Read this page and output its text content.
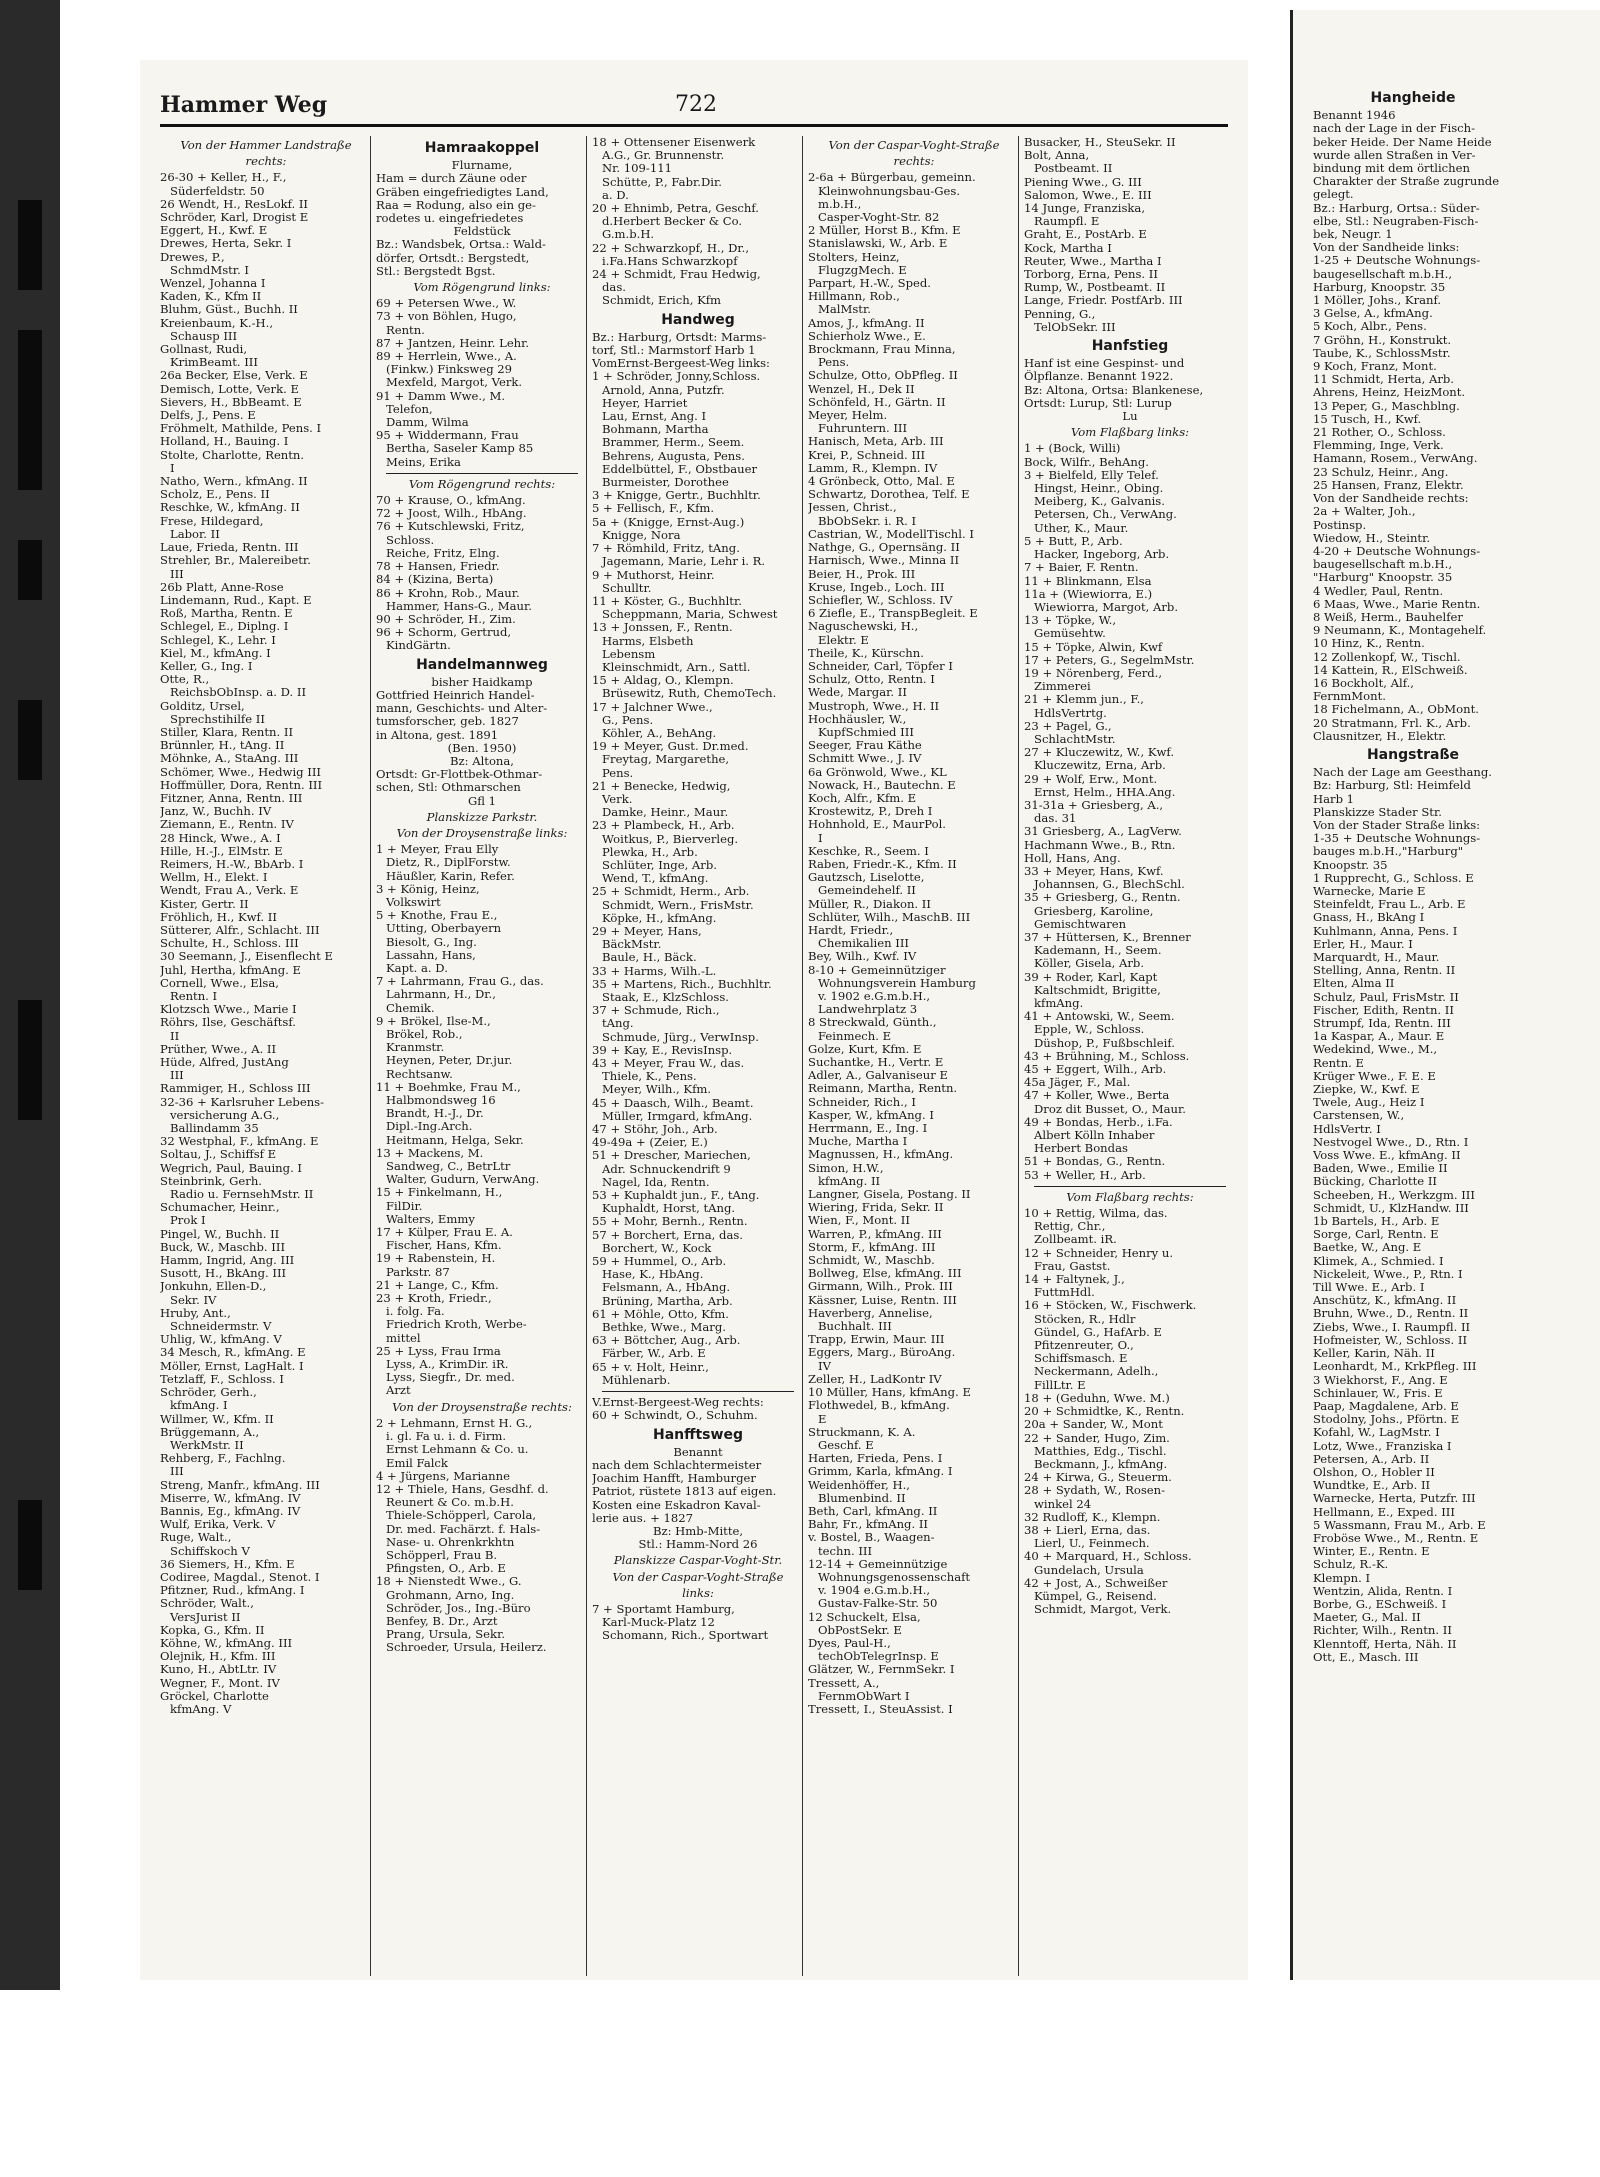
Hammer Weg	722
Von der Hammer Landstraße
rechts:
26-30 + Keller, H., F.,
Süderfeldstr. 50
26 Wendt, H., ResLokf. II
Schröder, Karl, Drogist E
Eggert, H., Kwf. E
Drewes, Herta, Sekr. I
Drewes, P.,
SchmdMstr. I
Wenzel, Johanna I
Kaden, K., Kfm II
Bluhm, Güst., Buchh. II
Kreienbaum, K.-H.,
Schausp III
Gollnast, Rudi,
KrimBeamt. III
26a Becker, Else, Verk. E
Demisch, Lotte, Verk. E
Sievers, H., BbBeamt. E
Delfs, J., Pens. E
Fröhmelt, Mathilde, Pens. I
Holland, H., Bauing. I
Stolte, Charlotte, Rentn.
I
Natho, Wern., kfmAng. II
Scholz, E., Pens. II
Reschke, W., kfmAng. II
Frese, Hildegard,
Labor. II
Laue, Frieda, Rentn. III
Strehler, Br., Malereibetr.
III
26b Platt, Anne-Rose
Lindemann, Rud., Kapt. E
Roß, Martha, Rentn. E
Schlegel, E., Diplng. I
Schlegel, K., Lehr. I
Kiel, M., kfmAng. I
Keller, G., Ing. I
Otte, R.,
ReichsbObInsp. a. D. II
Golditz, Ursel,
Sprechstihilfe II
Stiller, Klara, Rentn. II
Brünnler, H., tAng. II
Möhnke, A., StaAng. III
Schömer, Wwe., Hedwig III
Hoffmüller, Dora, Rentn. III
Fitzner, Anna, Rentn. III
Janz, W., Buchh. IV
Ziemann, E., Rentn. IV
28 Hinck, Wwe., A. I
Hille, H.-J., ElMstr. E
Reimers, H.-W., BbArb. I
Wellm, H., Elekt. I
Wendt, Frau A., Verk. E
Kister, Gertr. II
Fröhlich, H., Kwf. II
Sütterer, Alfr., Schlacht. III
Schulte, H., Schloss. III
30 Seemann, J., Eisenflecht E
Juhl, Hertha, kfmAng. E
Cornell, Wwe., Elsa,
Rentn. I
Klotzsch Wwe., Marie I
Röhrs, Ilse, Geschäftsf.
II
Prüther, Wwe., A. II
Hüde, Alfred, JustAng
III
Rammiger, H., Schloss III
32-36 + Karlsruher Lebens-
versicherung A.G.,
Ballindamm 35
32 Westphal, F., kfmAng. E
Soltau, J., Schiffsf E
Wegrich, Paul, Bauing. I
Steinbrink, Gerh.
Radio u. FernsehMstr. II
Schumacher, Heinr.,
Prok I
Pingel, W., Buchh. II
Buck, W., Maschb. III
Hamm, Ingrid, Ang. III
Susott, H., BkAng. III
Jonkuhn, Ellen-D.,
Sekr. IV
Hruby, Ant.,
Schneidermstr. V
Uhlig, W., kfmAng. V
34 Mesch, R., kfmAng. E
Möller, Ernst, LagHalt. I
Tetzlaff, F., Schloss. I
Schröder, Gerh.,
kfmAng. I
Willmer, W., Kfm. II
Brüggemann, A.,
WerkMstr. II
Rehberg, F., Fachlng.
III
Streng, Manfr., kfmAng. III
Miserre, W., kfmAng. IV
Bannis, Eg., kfmAng. IV
Wulf, Erika, Verk. V
Ruge, Walt.,
Schiffskoch V
36 Siemers, H., Kfm. E
Codiree, Magdal., Stenot. I
Pfitzner, Rud., kfmAng. I
Schröder, Walt.,
VersJurist II
Kopka, G., Kfm. II
Köhne, W., kfmAng. III
Olejnik, H., Kfm. III
Kuno, H., AbtLtr. IV
Wegner, F., Mont. IV
Gröckel, Charlotte
kfmAng. V
Hamraakoppel
Flurname,
Ham = durch Zäune oder
Gräben eingefriedigtes Land,
Raa = Rodung, also ein ge-
rodetes u. eingefriedetes
Feldstück
Bz.: Wandsbek, Ortsa.: Wald-
dörfer, Ortsdt.: Bergstedt,
Stl.: Bergstedt Bgst.
Vom Rögengrund links:
69 + Petersen Wwe., W.
73 + von Böhlen, Hugo,
Rentn.
87 + Jantzen, Heinr. Lehr.
89 + Herrlein, Wwe., A.
(Finkw.) Finksweg 29
Mexfeld, Margot, Verk.
91 + Damm Wwe., M.
Telefon,
Damm, Wilma
95 + Widdermann, Frau
Bertha, Saseler Kamp 85
Meins, Erika
Vom Rögengrund rechts:
70 + Krause, O., kfmAng.
72 + Joost, Wilh., HbAng.
76 + Kutschlewski, Fritz,
Schloss.
Reiche, Fritz, Elng.
78 + Hansen, Friedr.
84 + (Kizina, Berta)
86 + Krohn, Rob., Maur.
Hammer, Hans-G., Maur.
90 + Schröder, H., Zim.
96 + Schorm, Gertrud,
KindGärtn.
Handelmannweg
bisher Haidkamp
Gottfried Heinrich Handel-
mann, Geschichts- und Alter-
tumsforscher, geb. 1827
in Altona, gest. 1891
(Ben. 1950)
Bz: Altona,
Ortsdt: Gr-Flottbek-Othmar-
schen, Stl: Othmarschen
Gfl 1
Planskizze Parkstr.
Von der Droysenstraße links:
1 + Meyer, Frau Elly
Dietz, R., DiplForstw.
Häußler, Karin, Refer.
3 + König, Heinz,
Volkswirt
5 + Knothe, Frau E.,
Utting, Oberbayern
Biesolt, G., Ing.
Lassahn, Hans,
Kapt. a. D.
7 + Lahrmann, Frau G., das.
Lahrmann, H., Dr.,
Chemik.
9 + Brökel, Ilse-M.,
Brökel, Rob.,
Kranmstr.
Heynen, Peter, Dr.jur.
Rechtsanw.
11 + Boehmke, Frau M.,
Halbmondsweg 16
Brandt, H.-J., Dr.
Dipl.-Ing.Arch.
Heitmann, Helga, Sekr.
13 + Mackens, M.
Sandweg, C., BetrLtr
Walter, Gudurn, VerwAng.
15 + Finkelmann, H.,
FilDir.
Walters, Emmy
17 + Külper, Frau E. A.
Fischer, Hans, Kfm.
19 + Rabenstein, H.
Parkstr. 87
21 + Lange, C., Kfm.
23 + Kroth, Friedr.,
i. folg. Fa.
Friedrich Kroth, Werbe-
mittel
25 + Lyss, Frau Irma
Lyss, A., KrimDir. iR.
Lyss, Siegfr., Dr. med.
Arzt
Von der Droysenstraße rechts:
2 + Lehmann, Ernst H. G.,
i. gl. Fa u. i. d. Firm.
Ernst Lehmann & Co. u.
Emil Falck
4 + Jürgens, Marianne
12 + Thiele, Hans, Gesdhf. d.
Reunert & Co. m.b.H.
Thiele-Schöpperl, Carola,
Dr. med. Fachärzt. f. Hals-
Nase- u. Ohrenkrkhtn
Schöpperl, Frau B.
Pfingsten, O., Arb. E
18 + Nienstedt Wwe., G.
Grohmann, Arno, Ing.
Schröder, Jos., Ing.-Büro
Benfey, B. Dr., Arzt
Prang, Ursula, Sekr.
Schroeder, Ursula, Heilerz.
18 + Ottensener Eisenwerk
A.G., Gr. Brunnenstr.
Nr. 109-111
Schütte, P., Fabr.Dir.
a. D.
20 + Ehnimb, Petra, Geschf.
d.Herbert Becker & Co.
G.m.b.H.
22 + Schwarzkopf, H., Dr.,
i.Fa.Hans Schwarzkopf
24 + Schmidt, Frau Hedwig,
das.
Schmidt, Erich, Kfm
Handweg
Bz.: Harburg, Ortsdt: Marms-
torf, Stl.: Marmstorf Harb 1
VomErnst-Bergeest-Weg links:
1 + Schröder, Jonny,Schloss.
Arnold, Anna, Putzfr.
Heyer, Harriet
Lau, Ernst, Ang. I
Bohmann, Martha
Brammer, Herm., Seem.
Behrens, Augusta, Pens.
Eddelbüttel, F., Obstbauer
Burmeister, Dorothee
3 + Knigge, Gertr., Buchhltr.
5 + Fellisch, F., Kfm.
5a + (Knigge, Ernst-Aug.)
Knigge, Nora
7 + Römhild, Fritz, tAng.
Jagemann, Marie, Lehr i. R.
9 + Muthorst, Heinr.
Schulltr.
11 + Köster, G., Buchhltr.
Scheppmann, Maria, Schwest
13 + Jonssen, F., Rentn.
Harms, Elsbeth
Lebensm
Kleinschmidt, Arn., Sattl.
15 + Aldag, O., Klempn.
Brüsewitz, Ruth, ChemoTech.
17 + Jalchner Wwe.,
G., Pens.
Köhler, A., BehAng.
19 + Meyer, Gust. Dr.med.
Freytag, Margarethe,
Pens.
21 + Benecke, Hedwig,
Verk.
Damke, Heinr., Maur.
23 + Plambeck, H., Arb.
Woitkus, P., Bierverleg.
Plewka, H., Arb.
Schlüter, Inge, Arb.
Wend, T., kfmAng.
25 + Schmidt, Herm., Arb.
Schmidt, Wern., FrisMstr.
Köpke, H., kfmAng.
29 + Meyer, Hans,
BäckMstr.
Baule, H., Bäck.
33 + Harms, Wilh.-L.
35 + Martens, Rich., Buchhltr.
Staak, E., KlzSchloss.
37 + Schmude, Rich.,
tAng.
Schmude, Jürg., VerwInsp.
39 + Kay, E., RevisInsp.
43 + Meyer, Frau W., das.
Thiele, K., Pens.
Meyer, Wilh., Kfm.
45 + Daasch, Wilh., Beamt.
Müller, Irmgard, kfmAng.
47 + Stöhr, Joh., Arb.
49-49a + (Zeier, E.)
51 + Drescher, Mariechen,
Adr. Schnuckendrift 9
Nagel, Ida, Rentn.
53 + Kuphaldt jun., F., tAng.
Kuphaldt, Horst, tAng.
55 + Mohr, Bernh., Rentn.
57 + Borchert, Erna, das.
Borchert, W., Kock
59 + Hummel, O., Arb.
Hase, K., HbAng.
Felsmann, A., HbAng.
Brüning, Martha, Arb.
61 + Möhle, Otto, Kfm.
Bethke, Wwe., Marg.
63 + Böttcher, Aug., Arb.
Färber, W., Arb. E
65 + v. Holt, Heinr.,
Mühlenarb.
V.Ernst-Bergeest-Weg rechts:
60 + Schwindt, O., Schuhm.
Hanfftsweg
Benannt
nach dem Schlachtermeister
Joachim Hanfft, Hamburger
Patriot, rüstete 1813 auf eigen.
Kosten eine Eskadron Kaval-
lerie aus. + 1827
Bz: Hmb-Mitte,
Stl.: Hamm-Nord 26
Planskizze Caspar-Voght-Str.
Von der Caspar-Voght-Straße
links:
7 + Sportamt Hamburg,
Karl-Muck-Platz 12
Schomann, Rich., Sportwart
Von der Caspar-Voght-Straße
rechts:
2-6a + Bürgerbau, gemeinn.
Kleinwohnungsbau-Ges.
m.b.H.,
Casper-Voght-Str. 82
2 Müller, Horst B., Kfm. E
Stanislawski, W., Arb. E
Stolters, Heinz,
FlugzgMech. E
Parpart, H.-W., Sped.
Hillmann, Rob.,
MalMstr.
Amos, J., kfmAng. II
Schierholz Wwe., E.
Brockmann, Frau Minna,
Pens.
Schulze, Otto, ObPfleg. II
Wenzel, H., Dek II
Schönfeld, H., Gärtn. II
Meyer, Helm.
Fuhruntern. III
Hanisch, Meta, Arb. III
Krei, P., Schneid. III
Lamm, R., Klempn. IV
4 Grönbeck, Otto, Mal. E
Schwartz, Dorothea, Telf. E
Jessen, Christ.,
BbObSekr. i. R. I
Castrian, W., ModellTischl. I
Nathge, G., Opernsäng. II
Harnisch, Wwe., Minna II
Beier, H., Prok. III
Kruse, Ingeb., Loch. III
Schiefler, W., Schloss. IV
6 Ziefle, E., TranspBegleit. E
Naguschewski, H.,
Elektr. E
Theile, K., Kürschn.
Schneider, Carl, Töpfer I
Schulz, Otto, Rentn. I
Wede, Margar. II
Mustroph, Wwe., H. II
Hochhäusler, W.,
KupfSchmied III
Seeger, Frau Käthe
Schmitt Wwe., J. IV
6a Grönwold, Wwe., KL
Nowack, H., Bautechn. E
Koch, Alfr., Kfm. E
Krostewitz, P., Dreh I
Hohnhold, E., MaurPol.
I
Keschke, R., Seem. I
Raben, Friedr.-K., Kfm. II
Gautzsch, Liselotte,
Gemeindehelf. II
Müller, R., Diakon. II
Schlüter, Wilh., MaschB. III
Hardt, Friedr.,
Chemikalien III
Bey, Wilh., Kwf. IV
8-10 + Gemeinnütziger
Wohnungsverein Hamburg
v. 1902 e.G.m.b.H.,
Landwehrplatz 3
8 Streckwald, Günth.,
Feinmech. E
Golze, Kurt, Kfm. E
Suchantke, H., Vertr. E
Adler, A., Galvaniseur E
Reimann, Martha, Rentn.
Schneider, Rich., I
Kasper, W., kfmAng. I
Herrmann, E., Ing. I
Muche, Martha I
Magnussen, H., kfmAng.
Simon, H.W.,
kfmAng. II
Langner, Gisela, Postang. II
Wiering, Frida, Sekr. II
Wien, F., Mont. II
Warren, P., kfmAng. III
Storm, F., kfmAng. III
Schmidt, W., Maschb.
Bollweg, Else, kfmAng. III
Girmann, Wilh., Prok. III
Kässner, Luise, Rentn. III
Haverberg, Annelise,
Buchhalt. III
Trapp, Erwin, Maur. III
Eggers, Marg., BüroAng.
IV
Zeller, H., LadKontr IV
10 Müller, Hans, kfmAng. E
Flothwedel, B., kfmAng.
E
Struckmann, K. A.
Geschf. E
Harten, Frieda, Pens. I
Grimm, Karla, kfmAng. I
Weidenhöffer, H.,
Blumenbind. II
Beth, Carl, kfmAng. II
Bahr, Fr., kfmAng. II
v. Bostel, B., Waagen-
techn. III
12-14 + Gemeinnützige
Wohnungsgenossenschaft
v. 1904 e.G.m.b.H.,
Gustav-Falke-Str. 50
12 Schuckelt, Elsa,
ObPostSekr. E
Dyes, Paul-H.,
techObTelegrInsp. E
Glätzer, W., FernmSekr. I
Tressett, A.,
FernmObWart I
Tressett, I., SteuAssist. I
Busacker, H., SteuSekr. II
Bolt, Anna,
Postbeamt. II
Piening Wwe., G. III
Salomon, Wwe., E. III
14 Junge, Franziska,
Raumpfl. E
Graht, E., PostArb. E
Kock, Martha I
Reuter, Wwe., Martha I
Torborg, Erna, Pens. II
Rump, W., Postbeamt. II
Lange, Friedr. PostfArb. III
Penning, G.,
TelObSekr. III
Hanfstieg
Hanf ist eine Gespinst- und
Ölpflanze. Benannt 1922.
Bz: Altona, Ortsa: Blankenese,
Ortsdt: Lurup, Stl: Lurup
Lu
Vom Flaßbarg links:
1 + (Bock, Willi)
Bock, Wilfr., BehAng.
3 + Bielfeld, Elly Telef.
Hingst, Heinr., Obing.
Meiberg, K., Galvanis.
Petersen, Ch., VerwAng.
Uther, K., Maur.
5 + Butt, P., Arb.
Hacker, Ingeborg, Arb.
7 + Baier, F. Rentn.
11 + Blinkmann, Elsa
11a + (Wiewiorra, E.)
Wiewiorra, Margot, Arb.
13 + Töpke, W.,
Gemüsehtw.
15 + Töpke, Alwin, Kwf
17 + Peters, G., SegelmMstr.
19 + Nörenberg, Ferd.,
Zimmerei
21 + Klemm jun., F.,
HdlsVertrtg.
23 + Pagel, G.,
SchlachtMstr.
27 + Kluczewitz, W., Kwf.
Kluczewitz, Erna, Arb.
29 + Wolf, Erw., Mont.
Ernst, Helm., HHA.Ang.
31-31a + Griesberg, A.,
das. 31
31 Griesberg, A., LagVerw.
Hachmann Wwe., B., Rtn.
Holl, Hans, Ang.
33 + Meyer, Hans, Kwf.
Johannsen, G., BlechSchl.
35 + Griesberg, G., Rentn.
Griesberg, Karoline,
Gemischtwaren
37 + Hüttersen, K., Brenner
Kademann, H., Seem.
Köller, Gisela, Arb.
39 + Roder, Karl, Kapt
Kaltschmidt, Brigitte,
kfmAng.
41 + Antowski, W., Seem.
Epple, W., Schloss.
Düshop, P., Fußbschleif.
43 + Brühning, M., Schloss.
45 + Eggert, Wilh., Arb.
45a Jäger, F., Mal.
47 + Koller, Wwe., Berta
Droz dit Busset, O., Maur.
49 + Bondas, Herb., i.Fa.
Albert Kölln Inhaber
Herbert Bondas
51 + Bondas, G., Rentn.
53 + Weller, H., Arb.
Vom Flaßbarg rechts:
10 + Rettig, Wilma, das.
Rettig, Chr.,
Zollbeamt. iR.
12 + Schneider, Henry u.
Frau, Gastst.
14 + Faltynek, J.,
FuttmHdl.
16 + Stöcken, W., Fischwerk.
Stöcken, R., Hdlr
Gündel, G., HafArb. E
Pfitzenreuter, O.,
Schiffsmasch. E
Neckermann, Adelh.,
FillLtr. E
18 + (Geduhn, Wwe. M.)
20 + Schmidtke, K., Rentn.
20a + Sander, W., Mont
22 + Sander, Hugo, Zim.
Matthies, Edg., Tischl.
Beckmann, J., kfmAng.
24 + Kirwa, G., Steuerm.
28 + Sydath, W., Rosen-
winkel 24
32 Rudloff, K., Klempn.
38 + Lierl, Erna, das.
Lierl, U., Feinmech.
40 + Marquard, H., Schloss.
Gundelach, Ursula
42 + Jost, A., Schweißer
Kümpel, G., Reisend.
Schmidt, Margot, Verk.
Hangheide
Benannt 1946
nach der Lage in der Fisch-
beker Heide. Der Name Heide
wurde allen Straßen in Ver-
bindung mit dem örtlichen
Charakter der Straße zugrunde
gelegt.
Bz.: Harburg, Ortsa.: Süder-
elbe, Stl.: Neugraben-Fisch-
bek, Neugr. 1
Von der Sandheide links:
1-25 + Deutsche Wohnungs-
baugesellschaft m.b.H.,
Harburg, Knoopstr. 35
1 Möller, Johs., Kranf.
3 Gelse, A., kfmAng.
5 Koch, Albr., Pens.
7 Gröhn, H., Konstrukt.
Taube, K., SchlossMstr.
9 Koch, Franz, Mont.
11 Schmidt, Herta, Arb.
Ahrens, Heinz, HeizMont.
13 Peper, G., Maschblng.
15 Tusch, H., Kwf.
21 Rother, O., Schloss.
Flemming, Inge, Verk.
Hamann, Rosem., VerwAng.
23 Schulz, Heinr., Ang.
25 Hansen, Franz, Elektr.
Von der Sandheide rechts:
2a + Walter, Joh.,
Postinsp.
Wiedow, H., Steintr.
4-20 + Deutsche Wohnungs-
baugesellschaft m.b.H.,
"Harburg" Knoopstr. 35
4 Wedler, Paul, Rentn.
6 Maas, Wwe., Marie Rentn.
8 Weiß, Herm., Bauhelfer
9 Neumann, K., Montagehelf.
10 Hinz, K., Rentn.
12 Zollenkopf, W., Tischl.
14 Kattein, R., ElSchweiß.
16 Bockholt, Alf.,
FernmMont.
18 Fichelmann, A., ObMont.
20 Stratmann, Frl. K., Arb.
Clausnitzer, H., Elektr.
Hangstraße
Nach der Lage am Geesthang.
Bz: Harburg, Stl: Heimfeld
Harb 1
Planskizze Stader Str.
Von der Stader Straße links:
1-35 + Deutsche Wohnungs-
bauges m.b.H.,"Harburg"
Knoopstr. 35
1 Rupprecht, G., Schloss. E
Warnecke, Marie E
Steinfeldt, Frau L., Arb. E
Gnass, H., BkAng I
Kuhlmann, Anna, Pens. I
Erler, H., Maur. I
Marquardt, H., Maur.
Stelling, Anna, Rentn. II
Elten, Alma II
Schulz, Paul, FrisMstr. II
Fischer, Edith, Rentn. II
Strumpf, Ida, Rentn. III
1a Kaspar, A., Maur. E
Wedekind, Wwe., M.,
Rentn. E
Krüger Wwe., F. E. E
Ziepke, W., Kwf. E
Twele, Aug., Heiz I
Carstensen, W.,
HdlsVertr. I
Nestvogel Wwe., D., Rtn. I
Voss Wwe. E., kfmAng. II
Baden, Wwe., Emilie II
Bücking, Charlotte II
Scheeben, H., Werkzgm. III
Schmidt, U., KlzHandw. III
1b Bartels, H., Arb. E
Sorge, Carl, Rentn. E
Baetke, W., Ang. E
Klimek, A., Schmied. I
Nickeleit, Wwe., P., Rtn. I
Till Wwe. E., Arb. I
Anschütz, K., kfmAng. II
Bruhn, Wwe., D., Rentn. II
Ziebs, Wwe., I. Raumpfl. II
Hofmeister, W., Schloss. II
Keller, Karin, Näh. II
Leonhardt, M., KrkPfleg. III
3 Wiekhorst, F., Ang. E
Schinlauer, W., Fris. E
Paap, Magdalene, Arb. E
Stodolny, Johs., Pförtn. E
Kofahl, W., LagMstr. I
Lotz, Wwe., Franziska I
Petersen, A., Arb. II
Olshon, O., Hobler II
Wundtke, E., Arb. II
Warnecke, Herta, Putzfr. III
Hellmann, E., Exped. III
5 Wassmann, Frau M., Arb. E
Froböse Wwe., M., Rentn. E
Winter, E., Rentn. E
Schulz, R.-K.
Klempn. I
Wentzin, Alida, Rentn. I
Borbe, G., ESchweiß. I
Maeter, G., Mal. II
Richter, Wilh., Rentn. II
Klenntoff, Herta, Näh. II
Ott, E., Masch. III
